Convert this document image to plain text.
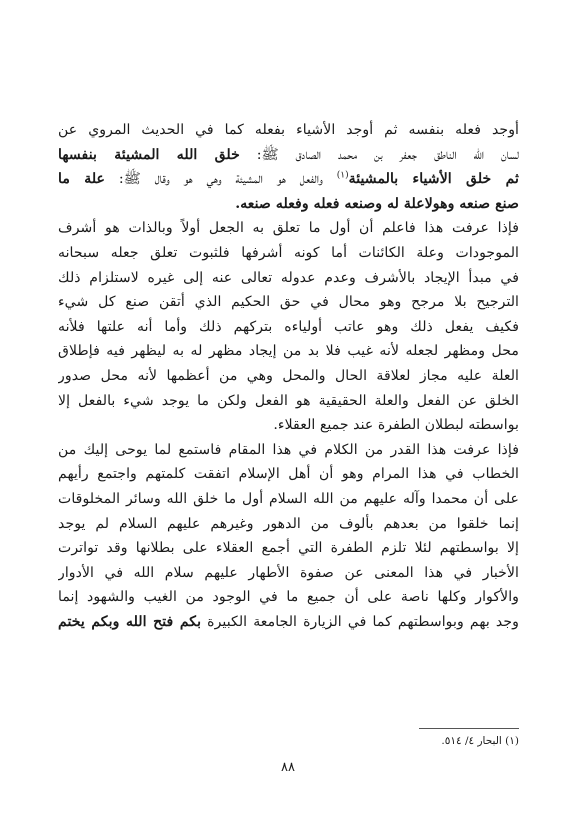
أوجد فعله بنفسه ثم أوجد الأشياء بفعله كما في الحديث المروي عن
لسان الله الناطق جعفر بن محمد الصادق ﷺ: خلق الله المشيئة بنفسها
ثم خلق الأشياء بالمشيئة$^{(١)}$ والفعل هو المشيئة وهي هو وقال ﷺ: علة ما
صنع صنعه وهولاعلة له وصنعه فعله وفعله صنعه.
فإذا عرفت هذا فاعلم أن أول ما تعلق به الجعل أولاً وبالذات هو أشرف
الموجودات وعلة الكائنات أما كونه أشرفها فلثبوت تعلق جعله سبحانه
في مبدأ الإيجاد بالأشرف وعدم عدوله تعالى عنه إلى غيره لاستلزام ذلك
الترجيح بلا مرجح وهو محال في حق الحكيم الذي أتقن صنع كل شيء
فكيف يفعل ذلك وهو عاتب أولياءه بتركهم ذلك وأما أنه علتها فلأنه
محل ومظهر لجعله لأنه غيب فلا بد من إيجاد مظهر له به ليظهر فيه فإطلاق
العلة عليه مجاز لعلاقة الحال والمحل وهي من أعظمها لأنه محل صدور
الخلق عن الفعل والعلة الحقيقية هو الفعل ولكن ما يوجد شيء بالفعل إلا
بواسطته لبطلان الطفرة عند جميع العقلاء.
فإذا عرفت هذا القدر من الكلام في هذا المقام فاستمع لما يوحى إليك من
الخطاب في هذا المرام وهو أن أهل الإسلام اتفقت كلمتهم واجتمع رأيهم
على أن محمدا وآله عليهم من الله السلام أول ما خلق الله وسائر المخلوقات
إنما خلقوا من بعدهم بألوف من الدهور وغيرهم عليهم السلام لم يوجد
إلا بواسطتهم لئلا تلزم الطفرة التي أجمع العقلاء على بطلانها وقد تواترت
الأخبار في هذا المعنى عن صفوة الأطهار عليهم سلام الله في الأدوار
والأكوار وكلها ناصة على أن جميع ما في الوجود من الغيب والشهود إنما
وجد بهم وبواسطتهم كما في الزيارة الجامعة الكبيرة بكم فتح الله وبكم يختم
(١) البحار ٤/ ٥١٤.
٨٨
